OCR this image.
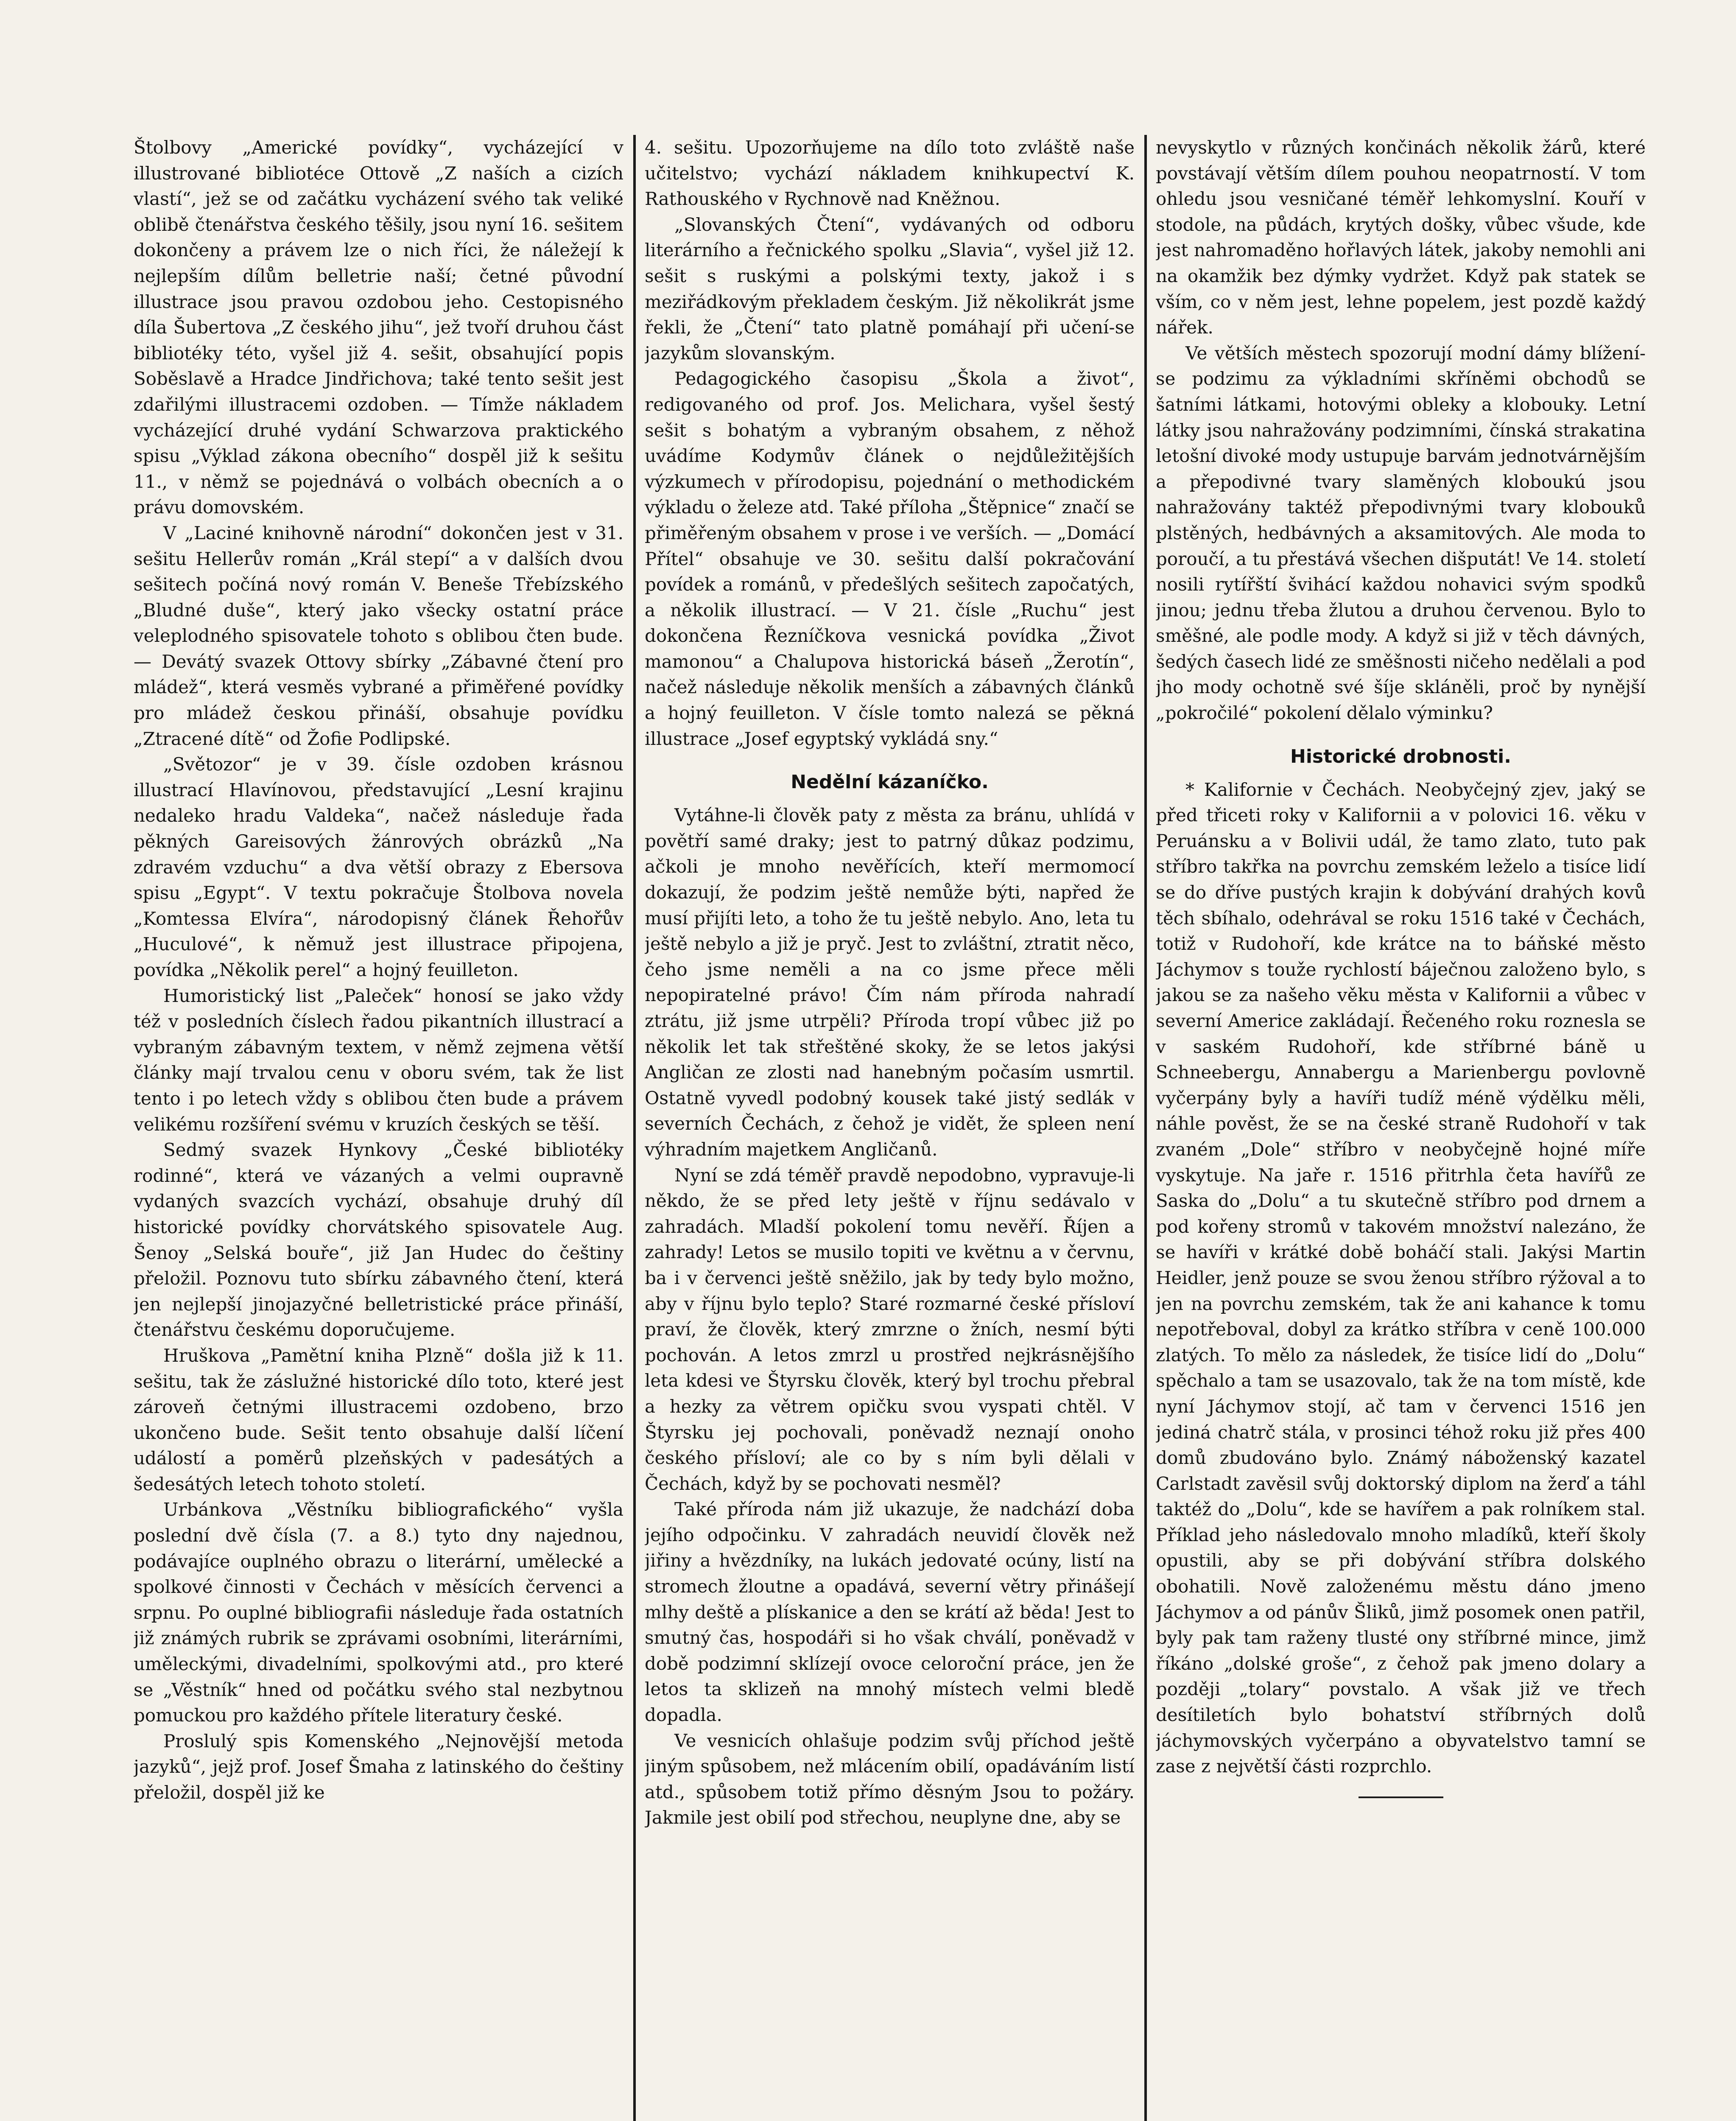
Štolbovy „Americké povídky“, vycházející v illustrované bibliotéce Ottově „Z naších a cizích vlastí“, jež se od začátku vycházení svého tak veliké oblibě čtenářstva českého těšily, jsou nyní 16. sešitem dokončeny a právem lze o nich říci, že náležejí k nejlepším dílům belletrie naší; četné původní illustrace jsou pravou ozdobou jeho. Cestopisného díla Šubertova „Z českého jihu“, jež tvoří druhou část bibliotéky této, vyšel již 4. sešit, obsahující popis Soběslavě a Hradce Jindřichova; také tento sešit jest zdařilými illustracemi ozdoben. — Tímže nákladem vycházející druhé vydání Schwarzova praktického spisu „Výklad zákona obecního“ dospěl již k sešitu 11., v němž se pojednává o volbách obecních a o právu domovském.

V „Laciné knihovně národní“ dokončen jest v 31. sešitu Hellerův román „Král stepí“ a v dalších dvou sešitech počíná nový román V. Beneše Třebízského „Bludné duše“, který jako všecky ostatní práce veleplodného spisovatele tohoto s oblibou čten bude. — Devátý svazek Ottovy sbírky „Zábavné čtení pro mládež“, která vesměs vybrané a přiměřené povídky pro mládež českou přináší, obsahuje povídku „Ztracené dítě“ od Žofie Podlipské.

„Světozor“ je v 39. čísle ozdoben krásnou illustrací Hlavínovou, představující „Lesní krajinu nedaleko hradu Valdeka“, načež následuje řada pěkných Gareisových žánrových obrázků „Na zdravém vzduchu“ a dva větší obrazy z Ebersova spisu „Egypt“. V textu pokračuje Štolbova novela „Komtessa Elvíra“, národopisný článek Řehořův „Huculové“, k němuž jest illustrace připojena, povídka „Několik perel“ a hojný feuilleton.

Humoristický list „Paleček“ honosí se jako vždy též v posledních číslech řadou pikantních illustrací a vybraným zábavným textem, v němž zejmena větší články mají trvalou cenu v oboru svém, tak že list tento i po letech vždy s oblibou čten bude a právem velikému rozšíření svému v kruzích českých se těší.

Sedmý svazek Hynkovy „České bibliotéky rodinné“, která ve vázaných a velmi oupravně vydaných svazcích vychází, obsahuje druhý díl historické povídky chorvátského spisovatele Aug. Šenoy „Selská bouře“, již Jan Hudec do češtiny přeložil. Poznovu tuto sbírku zábavného čtení, která jen nejlepší jinojazyčné belletristické práce přináší, čtenářstvu českému doporučujeme.

Hruškova „Pamětní kniha Plzně“ došla již k 11. sešitu, tak že záslužné historické dílo toto, které jest zároveň četnými illustracemi ozdobeno, brzo ukončeno bude. Sešit tento obsahuje další líčení událostí a poměrů plzeňských v padesátých a šedesátých letech tohoto století.

Urbánkova „Věstníku bibliografického“ vyšla poslední dvě čísla (7. a 8.) tyto dny najednou, podávajíce ouplného obrazu o literární, umělecké a spolkové činnosti v Čechách v měsících červenci a srpnu. Po ouplné bibliografii následuje řada ostatních již známých rubrik se zprávami osobními, literárními, uměleckými, divadelními, spolkovými atd., pro které se „Věstník“ hned od počátku svého stal nezbytnou pomuckou pro každého přítele literatury české.

Proslulý spis Komenského „Nejnovější metoda jazyků“, jejž prof. Josef Šmaha z latinského do češtiny přeložil, dospěl již ke

4. sešitu. Upozorňujeme na dílo toto zvláště naše učitelstvo; vychází nákladem knihkupectví K. Rathouského v Rychnově nad Kněžnou.

„Slovanských Čtení“, vydávaných od odboru literárního a řečnického spolku „Slavia“, vyšel již 12. sešit s ruskými a polskými texty, jakož i s meziřádkovým překladem českým. Již několikrát jsme řekli, že „Čtení“ tato platně pomáhají při učení-se jazykům slovanským.

Pedagogického časopisu „Škola a život“, redigovaného od prof. Jos. Melichara, vyšel šestý sešit s bohatým a vybraným obsahem, z něhož uvádíme Kodymův článek o nejdůležitějších výzkumech v přírodopisu, pojednání o methodickém výkladu o železe atd. Také příloha „Štěpnice“ značí se přiměřeným obsahem v prose i ve verších. — „Domácí Přítel“ obsahuje ve 30. sešitu další pokračování povídek a románů, v předešlých sešitech započatých, a několik illustrací. — V 21. čísle „Ruchu“ jest dokončena Řezníčkova vesnická povídka „Život mamonou“ a Chalupova historická báseň „Žerotín“, načež následuje několik menších a zábavných článků a hojný feuilleton. V čísle tomto nalezá se pěkná illustrace „Josef egyptský vykládá sny.“

Nedělní kázaníčko.

Vytáhne-li člověk paty z města za bránu, uhlídá v povětří samé draky; jest to patrný důkaz podzimu, ačkoli je mnoho nevěřících, kteří mermomocí dokazují, že podzim ještě nemůže býti, napřed že musí přijíti leto, a toho že tu ještě nebylo. Ano, leta tu ještě nebylo a již je pryč. Jest to zvláštní, ztratit něco, čeho jsme neměli a na co jsme přece měli nepopiratelné právo! Čím nám příroda nahradí ztrátu, již jsme utrpěli? Příroda tropí vůbec již po několik let tak střeštěné skoky, že se letos jakýsi Angličan ze zlosti nad hanebným počasím usmrtil. Ostatně vyvedl podobný kousek také jistý sedlák v severních Čechách, z čehož je vidět, že spleen není výhradním majetkem Angličanů.

Nyní se zdá téměř pravdě nepodobno, vypravuje-li někdo, že se před lety ještě v říjnu sedávalo v zahradách. Mladší pokolení tomu nevěří. Říjen a zahrady! Letos se musilo topiti ve květnu a v červnu, ba i v červenci ještě sněžilo, jak by tedy bylo možno, aby v říjnu bylo teplo? Staré rozmarné české přísloví praví, že člověk, který zmrzne o žních, nesmí býti pochován. A letos zmrzl u prostřed nejkrásnějšího leta kdesi ve Štyrsku člověk, který byl trochu přebral a hezky za větrem opičku svou vyspati chtěl. V Štyrsku jej pochovali, poněvadž neznají onoho českého přísloví; ale co by s ním byli dělali v Čechách, když by se pochovati nesměl?

Také příroda nám již ukazuje, že nadchází doba jejího odpočinku. V zahradách neuvidí člověk než jiřiny a hvězdníky, na lukách jedovaté ocúny, listí na stromech žloutne a opadává, severní větry přinášejí mlhy deště a plískanice a den se krátí až běda! Jest to smutný čas, hospodáři si ho však chválí, poněvadž v době podzimní sklízejí ovoce celoroční práce, jen že letos ta sklizeň na mnohý místech velmi bledě dopadla.

Ve vesnicích ohlašuje podzim svůj příchod ještě jiným spůsobem, než mlácením obilí, opadáváním listí atd., spůsobem totiž přímo děsným Jsou to požáry. Jakmile jest obilí pod střechou, neuplyne dne, aby se

nevyskytlo v různých končinách několik žárů, které povstávají větším dílem pouhou neopatrností. V tom ohledu jsou vesničané téměř lehkomyslní. Kouří v stodole, na půdách, krytých došky, vůbec všude, kde jest nahromaděno hořlavých látek, jakoby nemohli ani na okamžik bez dýmky vydržet. Když pak statek se vším, co v něm jest, lehne popelem, jest pozdě každý nářek.

Ve větších městech spozorují modní dámy blížení-se podzimu za výkladními skříněmi obchodů se šatními látkami, hotovými obleky a klobouky. Letní látky jsou nahražovány podzimními, čínská strakatina letošní divoké mody ustupuje barvám jednotvárnějším a přepodivné tvary slaměných kloboukú jsou nahražovány taktéž přepodivnými tvary klobouků plstěných, hedbávných a aksamitových. Ale moda to poroučí, a tu přestává všechen dišputát! Ve 14. století nosili rytířští švihácí každou nohavici svým spodků jinou; jednu třeba žlutou a druhou červenou. Bylo to směšné, ale podle mody. A když si již v těch dávných, šedých časech lidé ze směšnosti ničeho nedělali a pod jho mody ochotně své šíje skláněli, proč by nynější „pokročilé“ pokolení dělalo výminku?

Historické drobnosti.

* Kalifornie v Čechách. Neobyčejný zjev, jaký se před třiceti roky v Kalifornii a v polovici 16. věku v Peruánsku a v Bolivii udál, že tamo zlato, tuto pak stříbro takřka na povrchu zemském leželo a tisíce lidí se do dříve pustých krajin k dobývání drahých kovů těch sbíhalo, odehrával se roku 1516 také v Čechách, totiž v Rudohoří, kde krátce na to báňské město Jáchymov s touže rychlostí báječnou založeno bylo, s jakou se za našeho věku města v Kalifornii a vůbec v severní Americe zakládají. Řečeného roku roznesla se v saském Rudohoří, kde stříbrné báně u Schneebergu, Annabergu a Marienbergu povlovně vyčerpány byly a havíři tudíž méně výdělku měli, náhle pověst, že se na české straně Rudohoří v tak zvaném „Dole“ stříbro v neobyčejně hojné míře vyskytuje. Na jaře r. 1516 přitrhla četa havířů ze Saska do „Dolu“ a tu skutečně stříbro pod drnem a pod kořeny stromů v takovém množství nalezáno, že se havíři v krátké době boháčí stali. Jakýsi Martin Heidler, jenž pouze se svou ženou stříbro rýžoval a to jen na povrchu zemském, tak že ani kahance k tomu nepotřeboval, dobyl za krátko stříbra v ceně 100.000 zlatých. To mělo za následek, že tisíce lidí do „Dolu“ spěchalo a tam se usazovalo, tak že na tom místě, kde nyní Jáchymov stojí, ač tam v červenci 1516 jen jediná chatrč stála, v prosinci téhož roku již přes 400 domů zbudováno bylo. Známý náboženský kazatel Carlstadt zavěsil svůj doktorský diplom na žerď a táhl taktéž do „Dolu“, kde se havířem a pak rolníkem stal. Příklad jeho následovalo mnoho mladíků, kteří školy opustili, aby se při dobývání stříbra dolského obohatili. Nově založenému městu dáno jmeno Jáchymov a od pánův Šliků, jimž posomek onen patřil, byly pak tam raženy tlusté ony stříbrné mince, jimž říkáno „dolské groše“, z čehož pak jmeno dolary a později „tolary“ povstalo. A však již ve třech desítiletích bylo bohatství stříbrných dolů jáchymovských vyčerpáno a obyvatelstvo tamní se zase z největší části rozprchlo.
